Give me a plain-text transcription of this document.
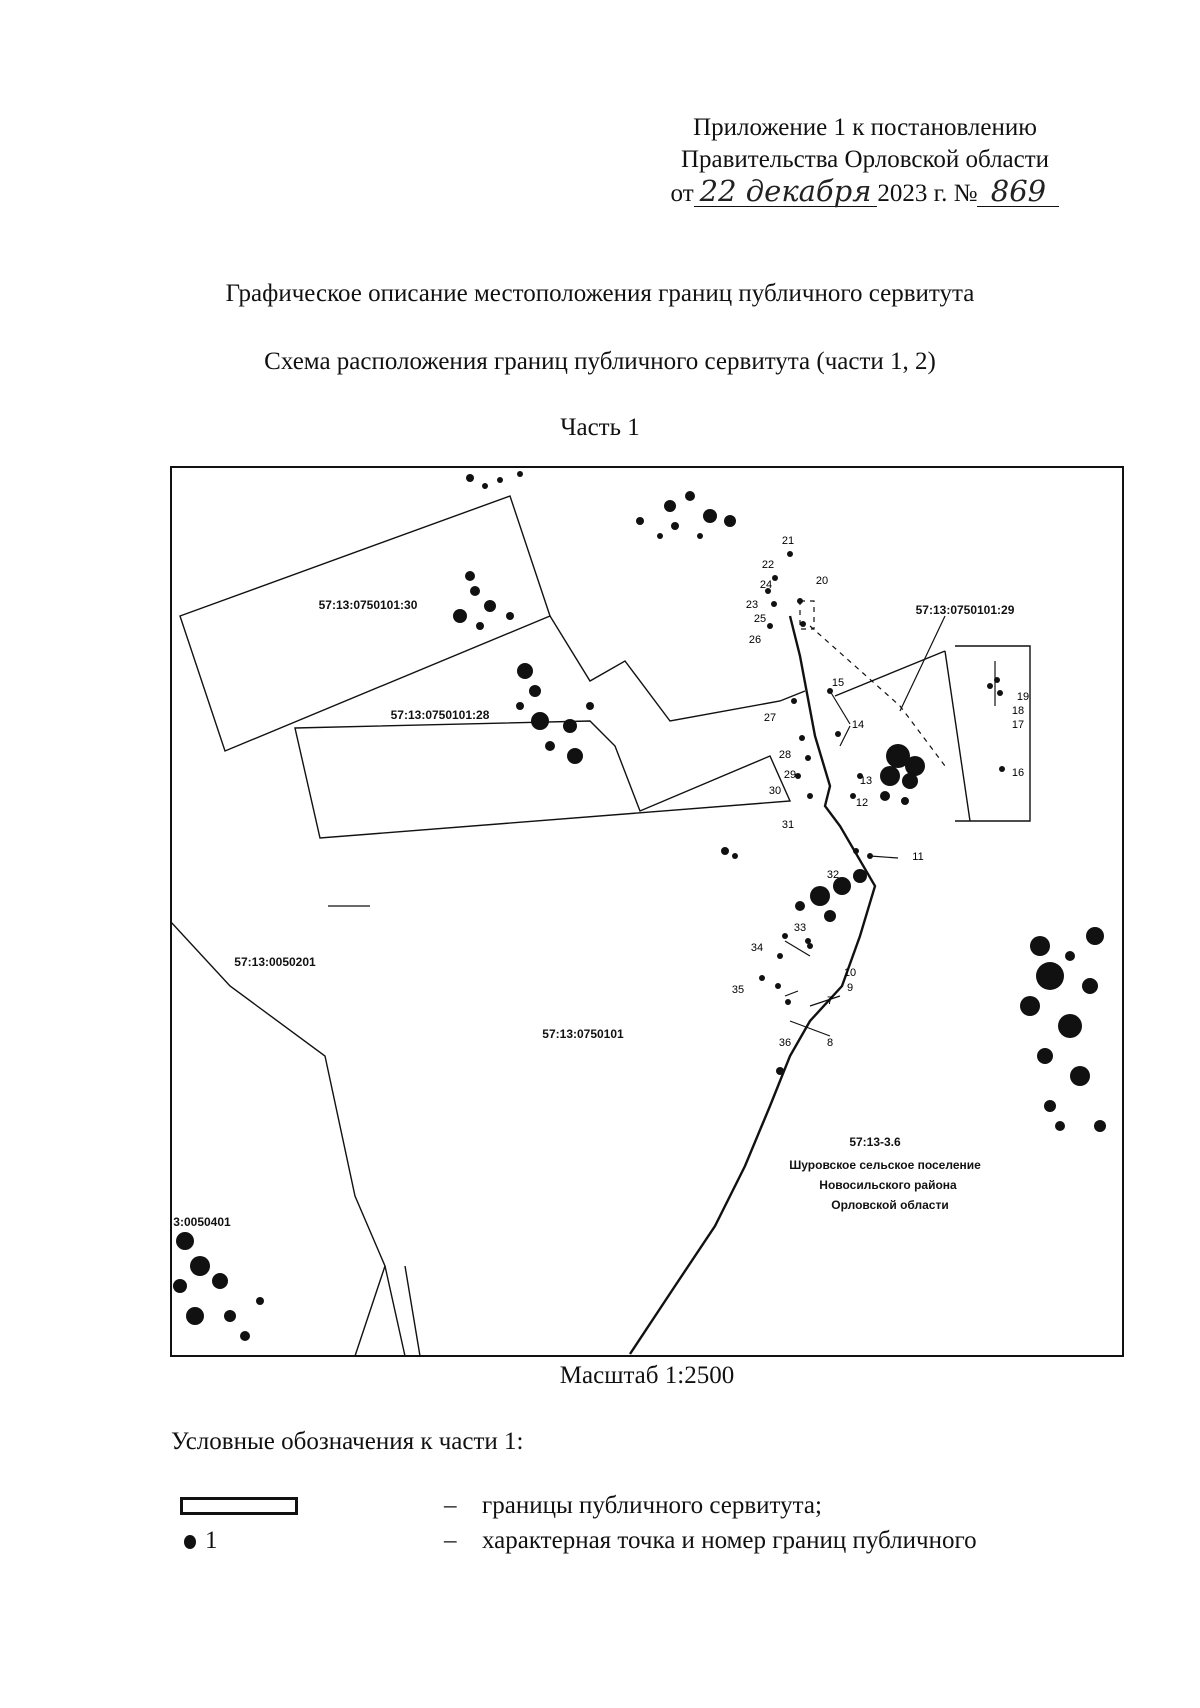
Приложение 1 к постановлению
Правительства Орловской области
от 22 декабря 2023 г. № 869
Графическое описание местоположения границ публичного сервитута
Схема расположения границ публичного сервитута (части 1, 2)
Часть 1
21
22
24
23
25
26
20
15
14
27
28
29
30
31
13
12
11
32
33
34
10
9
35
7
8
36
19
18
17
16
57:13:0750101:30
57:13:0750101:28
57:13:0750101:29
57:13:0050201
57:13:0750101
3:0050401
57:13-3.6
Шуровское сельское поселение
Новосильского района
Орловской области
Масштаб 1:2500
Условные обозначения к части 1:
– границы публичного сервитута;
1	– характерная точка и номер границ публичного
